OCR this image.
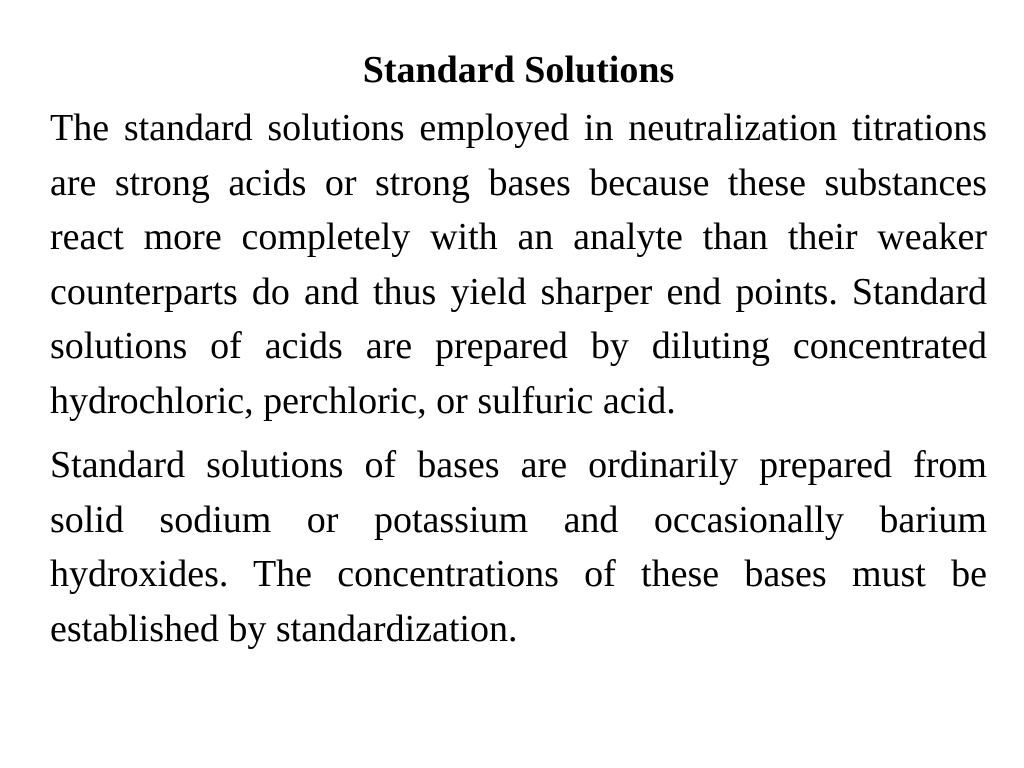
Standard Solutions

The standard solutions employed in neutralization titrations are strong acids or strong bases because these substances react more completely with an analyte than their weaker counterparts do and thus yield sharper end points. Standard solutions of acids are prepared by diluting concentrated hydrochloric, perchloric, or sulfuric acid.

Standard solutions of bases are ordinarily prepared from solid sodium or potassium and occasionally barium hydroxides. The concentrations of these bases must be established by standardization.
